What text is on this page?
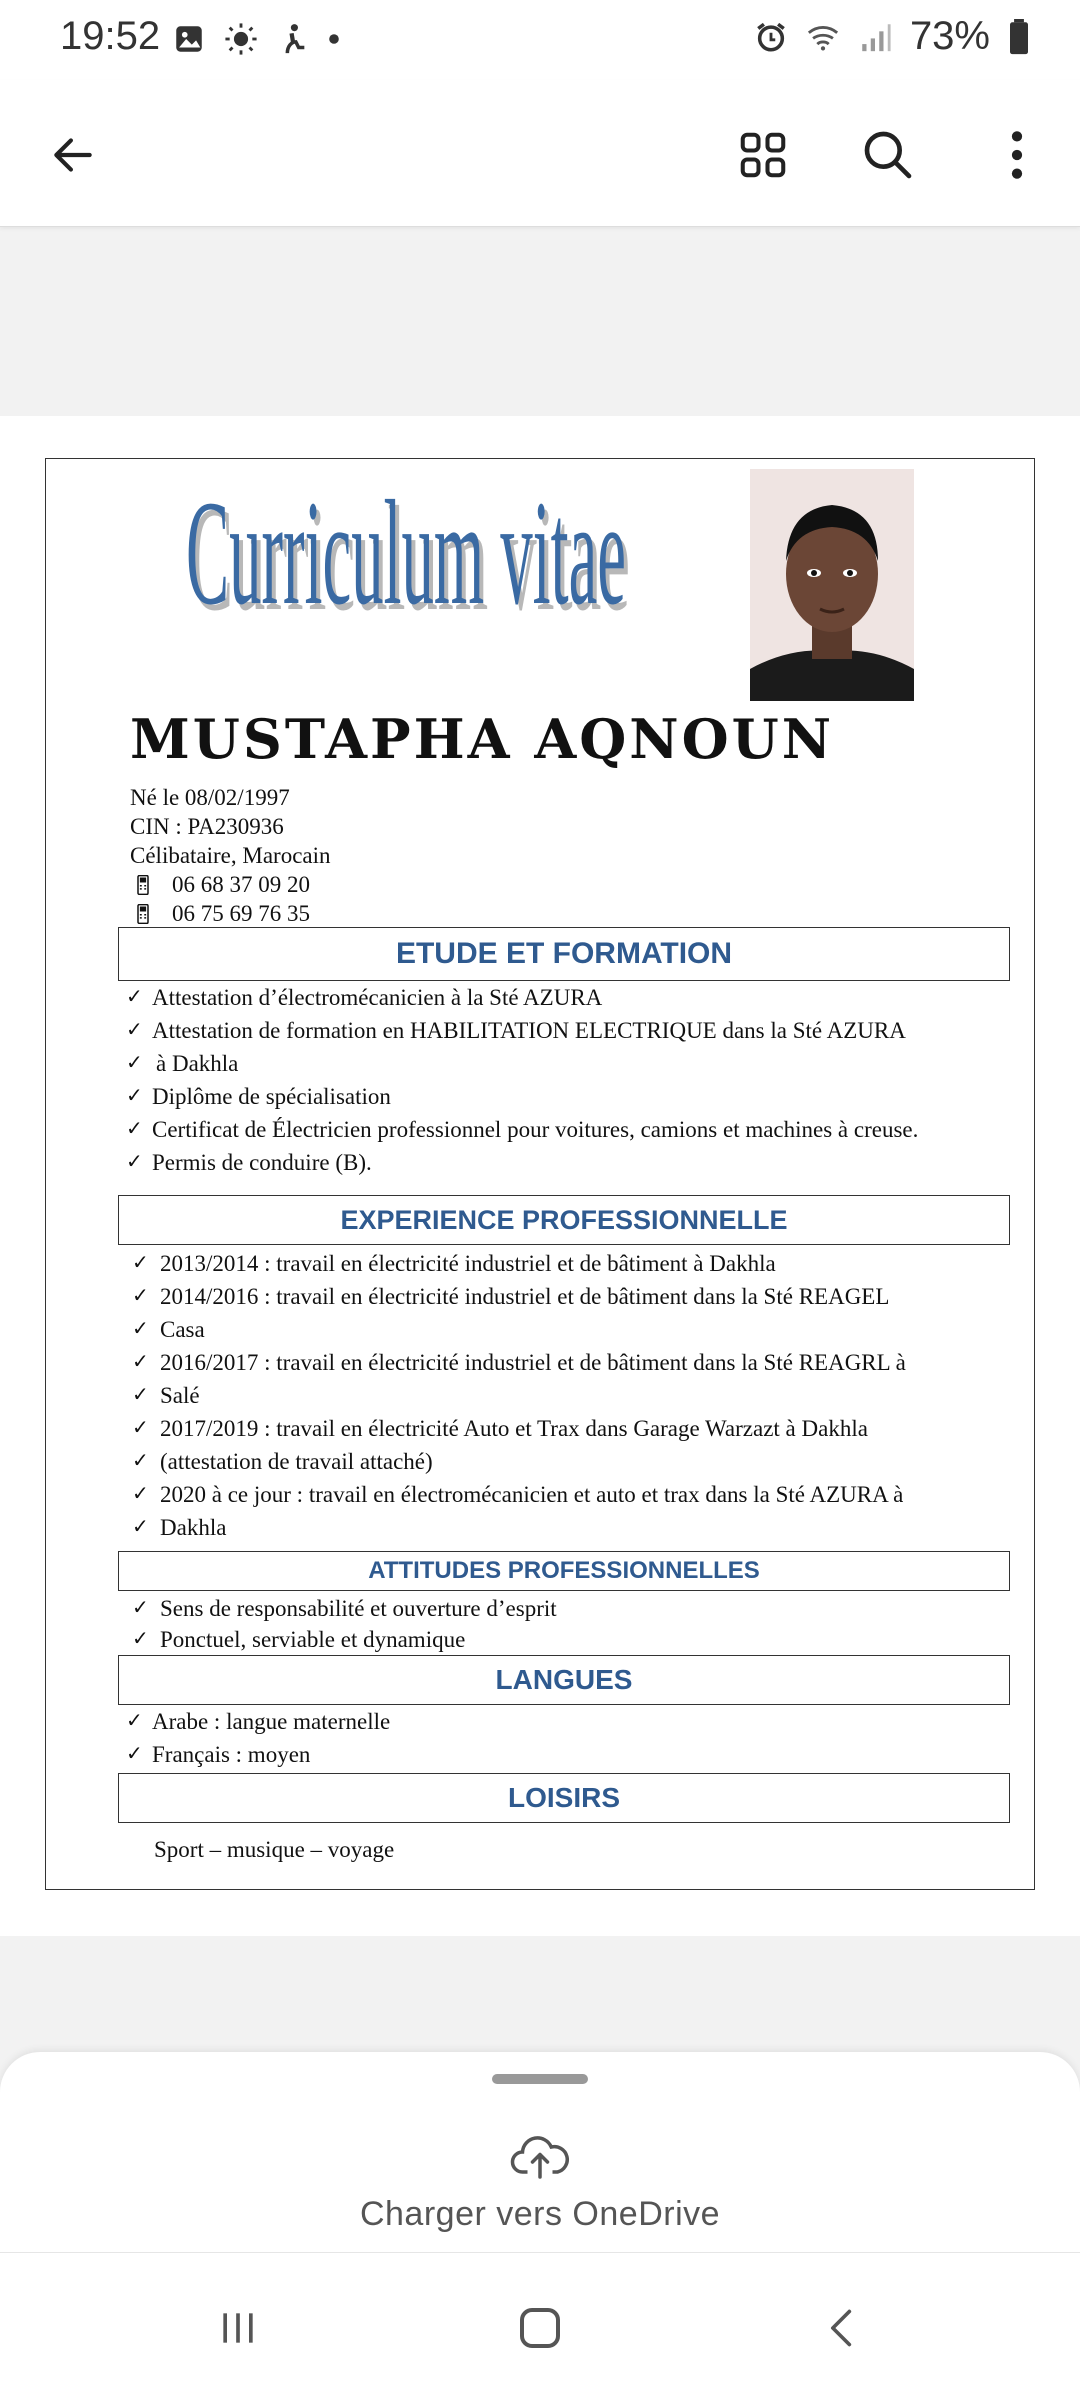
19:52	73%
Curriculum vitae
Curriculum vitae
MUSTAPHA AQNOUN
Né le 08/02/1997
CIN : PA230936
Célibataire, Marocain
06 68 37 09 20
06 75 69 76 35
ETUDE ET FORMATION
✓ Attestation d’électromécanicien à la Sté AZURA
✓ Attestation de formation en HABILITATION ELECTRIQUE dans la Sté AZURA
✓ à Dakhla
✓ Diplôme de spécialisation
✓ Certificat de Électricien professionnel pour voitures, camions et machines à creuse.
✓ Permis de conduire (B).
EXPERIENCE PROFESSIONNELLE
✓ 2013/2014 : travail en électricité industriel et de bâtiment à Dakhla
✓ 2014/2016 : travail en électricité industriel et de bâtiment dans la Sté REAGEL
✓ Casa
✓ 2016/2017 : travail en électricité industriel et de bâtiment dans la Sté REAGRL à
✓ Salé
✓ 2017/2019 : travail en électricité Auto et Trax dans Garage Warzazt à Dakhla
✓ (attestation de travail attaché)
✓ 2020 à ce jour : travail en électromécanicien et auto et trax dans la Sté AZURA à
✓ Dakhla
ATTITUDES PROFESSIONNELLES
✓ Sens de responsabilité et ouverture d’esprit
✓ Ponctuel, serviable et dynamique
LANGUES
✓ Arabe : langue maternelle
✓ Français : moyen
LOISIRS
Sport – musique – voyage
Charger vers OneDrive
